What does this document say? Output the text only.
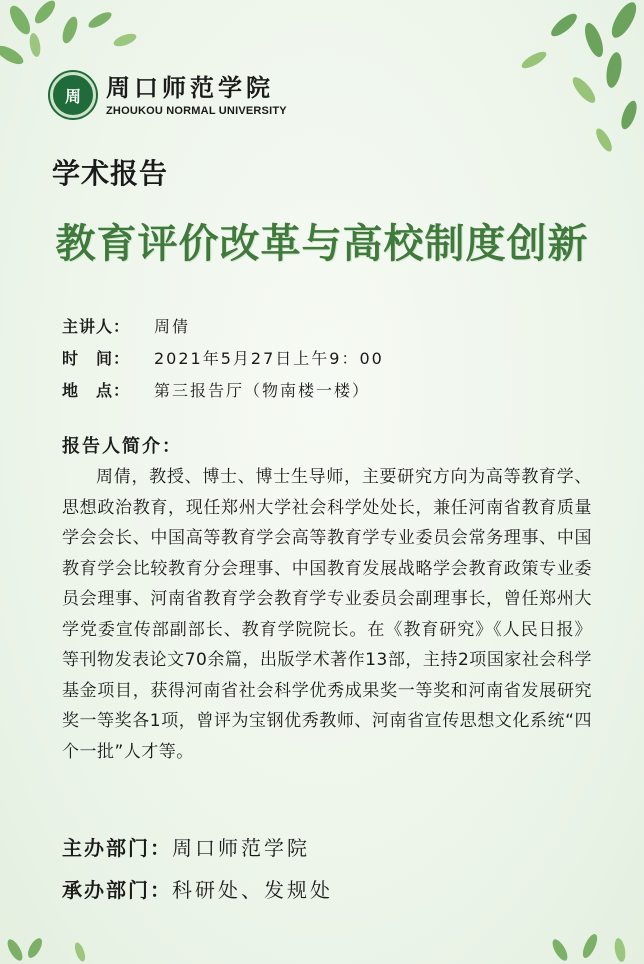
周	周口师范学院
ZHOUKOU NORMAL UNIVERSITY
学术报告
教育评价改革与高校制度创新
主讲人： 周倩
时　间： 2021年5月27日上午9：00
地　点： 第三报告厅（物南楼一楼）
报告人简介：
周倩，教授、博士、博士生导师，主要研究方向为高等教育学、思想政治教育，现任郑州大学社会科学处处长，兼任河南省教育质量学会会长、中国高等教育学会高等教育学专业委员会常务理事、中国教育学会比较教育分会理事、中国教育发展战略学会教育政策专业委员会理事、河南省教育学会教育学专业委员会副理事长，曾任郑州大学党委宣传部副部长、教育学院院长。在《教育研究》《人民日报》等刊物发表论文70余篇，出版学术著作13部，主持2项国家社会科学基金项目，获得河南省社会科学优秀成果奖一等奖和河南省发展研究奖一等奖各1项，曾评为宝钢优秀教师、河南省宣传思想文化系统“四个一批”人才等。
主办部门：周口师范学院
承办部门：科研处、发规处
